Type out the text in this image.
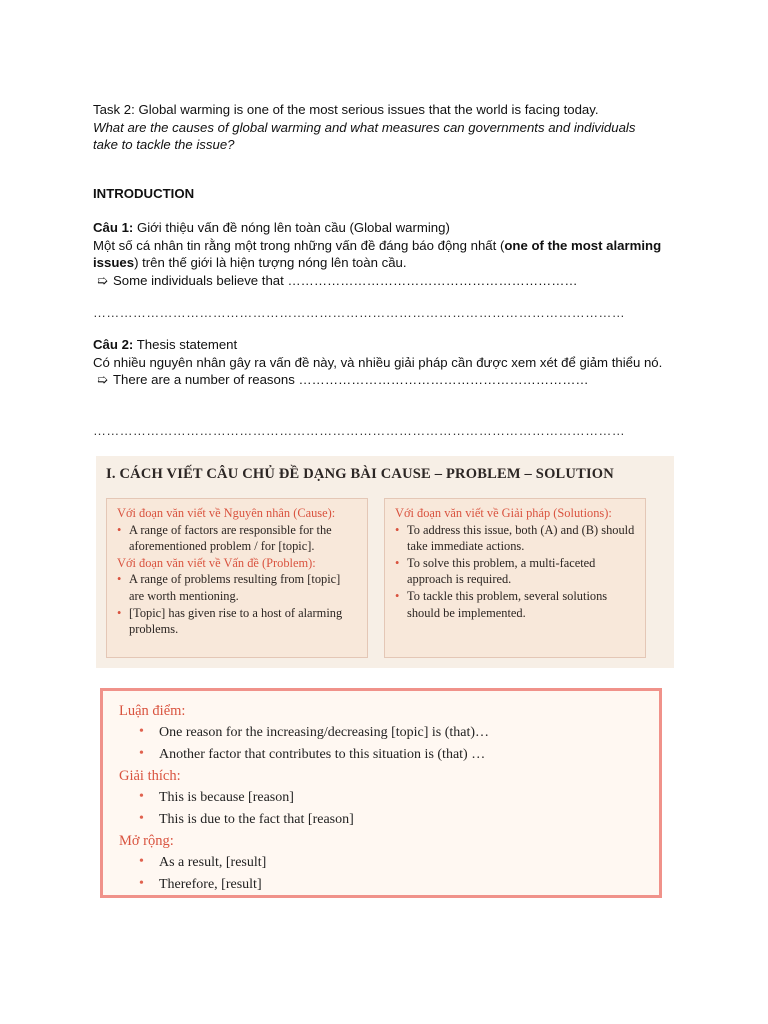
Task 2: Global warming is one of the most serious issues that the world is facing today.
What are the causes of global warming and what measures can governments and individuals take to tackle the issue?
INTRODUCTION
Câu 1: Giới thiệu vấn đề nóng lên toàn cầu (Global warming)
Một số cá nhân tin rằng một trong những vấn đề đáng báo động nhất (one of the most alarming issues) trên thế giới là hiện tượng nóng lên toàn cầu.
➯ Some individuals believe that …………………………………………………………
…………………………………………………………………………………………………………
Câu 2: Thesis statement
Có nhiều nguyên nhân gây ra vấn đề này, và nhiều giải pháp cần được xem xét để giảm thiểu nó.
➯ There are a number of reasons …………………………………………………………
…………………………………………………………………………………………………………
I. CÁCH VIẾT CÂU CHỦ ĐỀ DẠNG BÀI CAUSE – PROBLEM – SOLUTION
Với đoạn văn viết về Nguyên nhân (Cause):
• A range of factors are responsible for the aforementioned problem / for [topic].
Với đoạn văn viết về Vấn đề (Problem):
• A range of problems resulting from [topic] are worth mentioning.
• [Topic] has given rise to a host of alarming problems.
Với đoạn văn viết về Giải pháp (Solutions):
• To address this issue, both (A) and (B) should take immediate actions.
• To solve this problem, a multi-faceted approach is required.
• To tackle this problem, several solutions should be implemented.
Luận điểm:
• One reason for the increasing/decreasing [topic] is (that)…
• Another factor that contributes to this situation is (that) …
Giải thích:
• This is because [reason]
• This is due to the fact that [reason]
Mở rộng:
• As a result, [result]
• Therefore, [result]
